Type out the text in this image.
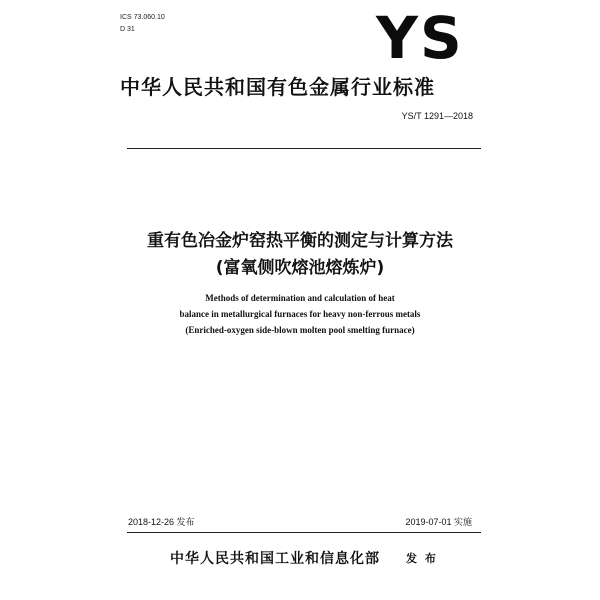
ICS 73.060.10
D 31	YS
中华人民共和国有色金属行业标准
YS/T 1291—2018
重有色冶金炉窑热平衡的测定与计算方法
(富氧侧吹熔池熔炼炉)
Methods of determination and calculation of heat
balance in metallurgical furnaces for heavy non-ferrous metals
(Enriched-oxygen side-blown molten pool smelting furnace)
2018-12-26 发布	2019-07-01 实施
中华人民共和国工业和信息化部 发 布
